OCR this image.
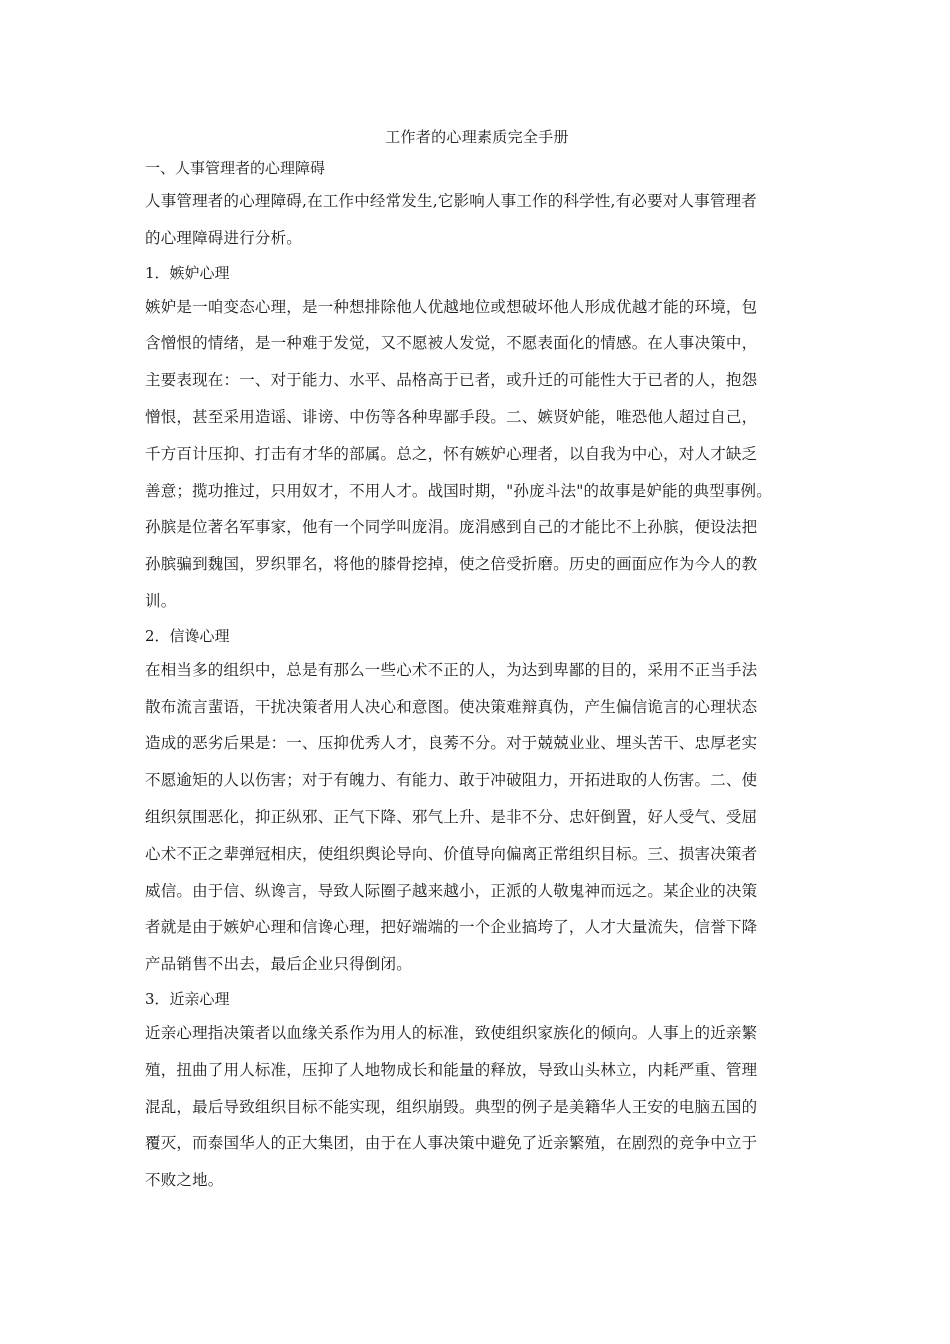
工作者的心理素质完全手册
一、人事管理者的心理障碍
人事管理者的心理障碍,在工作中经常发生,它影响人事工作的科学性,有必要对人事管理者
的心理障碍进行分析。
1．嫉妒心理
嫉妒是一咱变态心理，是一种想排除他人优越地位或想破坏他人形成优越才能的环境，包
含憎恨的情绪，是一种难于发觉，又不愿被人发觉，不愿表面化的情感。在人事决策中，
主要表现在：一、对于能力、水平、品格高于已者，或升迁的可能性大于已者的人，抱怨
憎恨，甚至采用造谣、诽谤、中伤等各种卑鄙手段。二、嫉贤妒能，唯恐他人超过自己，
千方百计压抑、打击有才华的部属。总之，怀有嫉妒心理者，以自我为中心，对人才缺乏
善意；揽功推过，只用奴才，不用人才。战国时期，"孙庞斗法"的故事是妒能的典型事例。
孙膑是位著名军事家，他有一个同学叫庞涓。庞涓感到自己的才能比不上孙膑，便设法把
孙膑骗到魏国，罗织罪名，将他的膝骨挖掉，使之倍受折磨。历史的画面应作为今人的教
训。
2．信谗心理
在相当多的组织中，总是有那么一些心术不正的人，为达到卑鄙的目的，采用不正当手法
散布流言蜚语，干扰决策者用人决心和意图。使决策难辩真伪，产生偏信诡言的心理状态
造成的恶劣后果是：一、压抑优秀人才，良莠不分。对于兢兢业业、埋头苦干、忠厚老实
不愿逾矩的人以伤害；对于有魄力、有能力、敢于冲破阻力，开拓进取的人伤害。二、使
组织氛围恶化，抑正纵邪、正气下降、邪气上升、是非不分、忠奸倒置，好人受气、受屈
心术不正之辈弹冠相庆，使组织舆论导向、价值导向偏离正常组织目标。三、损害决策者
威信。由于信、纵谗言，导致人际圈子越来越小，正派的人敬鬼神而远之。某企业的决策
者就是由于嫉妒心理和信谗心理，把好端端的一个企业搞垮了，人才大量流失，信誉下降
产品销售不出去，最后企业只得倒闭。
3．近亲心理
近亲心理指决策者以血缘关系作为用人的标准，致使组织家族化的倾向。人事上的近亲繁
殖，扭曲了用人标准，压抑了人地物成长和能量的释放，导致山头林立，内耗严重、管理
混乱，最后导致组织目标不能实现，组织崩毁。典型的例子是美籍华人王安的电脑五国的
覆灭，而泰国华人的正大集团，由于在人事决策中避免了近亲繁殖，在剧烈的竞争中立于
不败之地。
